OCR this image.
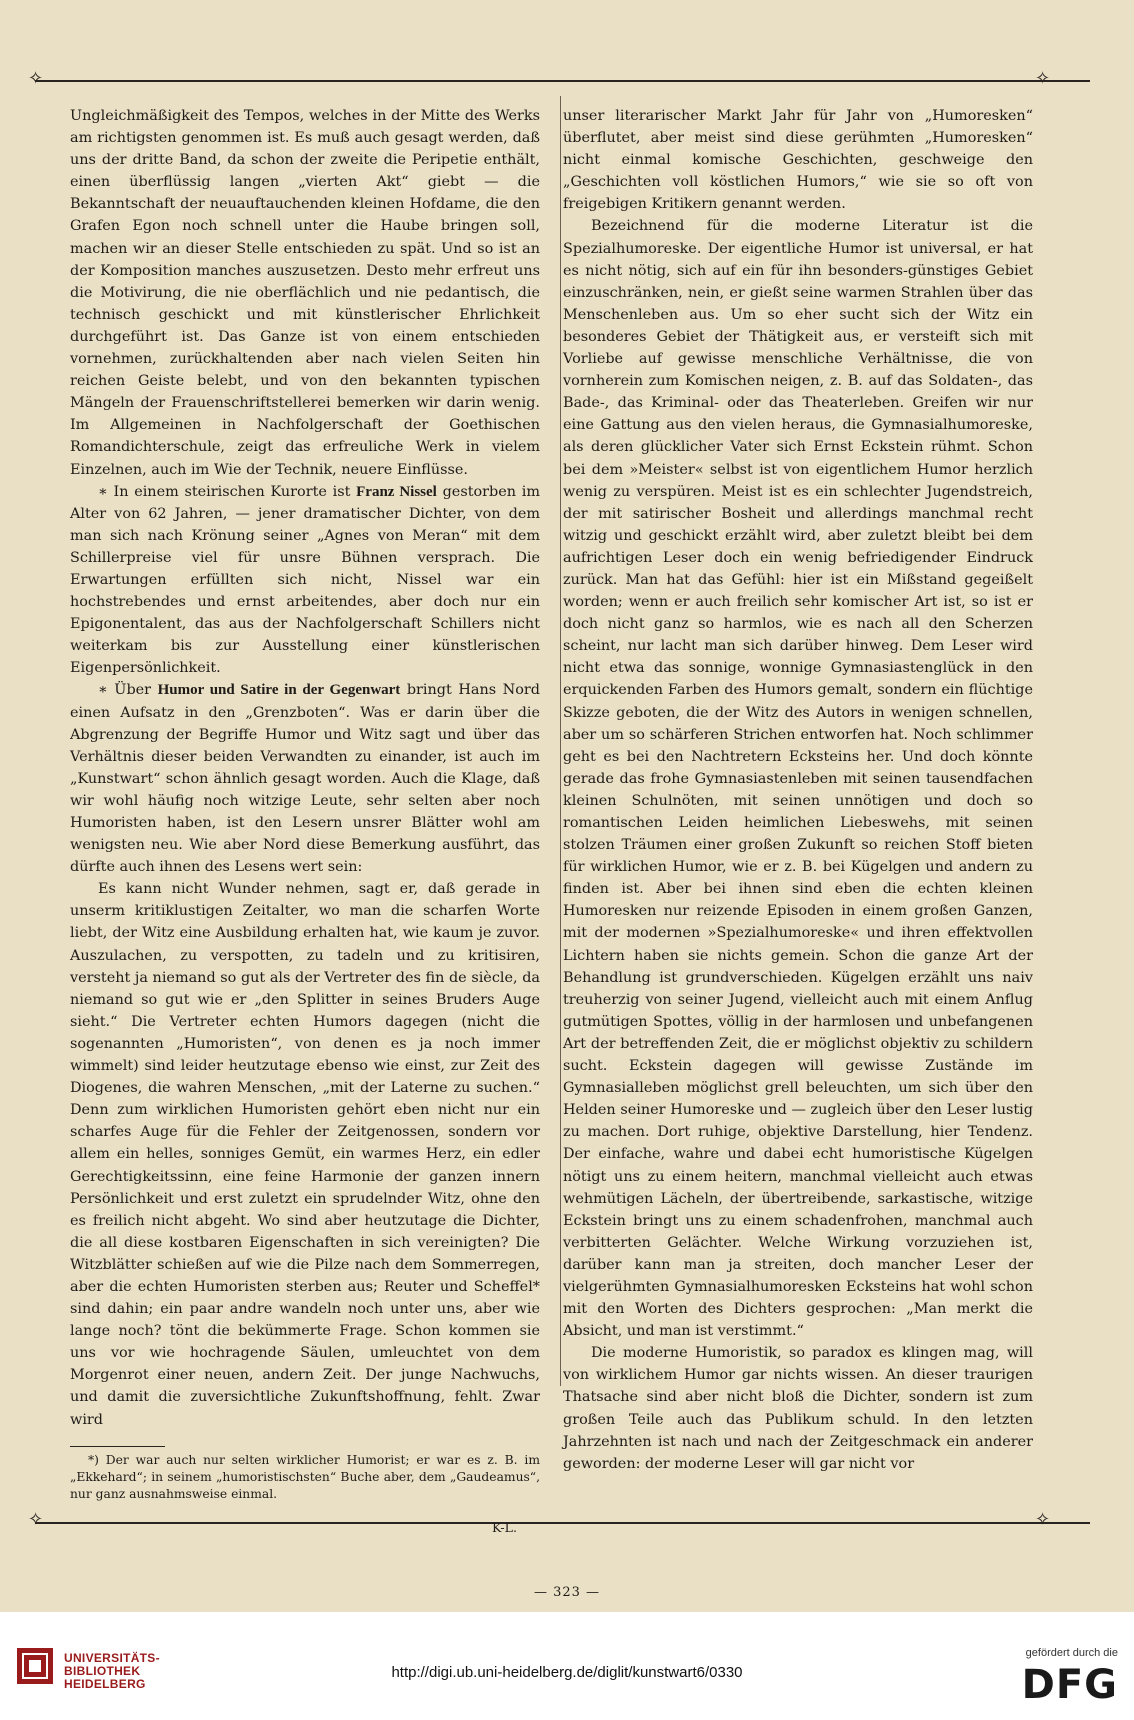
✧	✧
✧	✧

Ungleichmäßigkeit des Tempos, welches in der Mitte des Werks am richtigsten genommen ist. Es muß auch gesagt werden, daß uns der dritte Band, da schon der zweite die Peripetie enthält, einen überflüssig langen „vierten Akt“ giebt — die Bekanntschaft der neuauftauchenden kleinen Hofdame, die den Grafen Egon noch schnell unter die Haube bringen soll, machen wir an dieser Stelle entschieden zu spät. Und so ist an der Komposition manches auszusetzen. Desto mehr erfreut uns die Motivirung, die nie oberflächlich und nie pedantisch, die technisch geschickt und mit künstlerischer Ehrlichkeit durchgeführt ist. Das Ganze ist von einem entschieden vornehmen, zurückhaltenden aber nach vielen Seiten hin reichen Geiste belebt, und von den bekannten typischen Mängeln der Frauenschriftstellerei bemerken wir darin wenig. Im Allgemeinen in Nachfolgerschaft der Goethischen Romandichterschule, zeigt das erfreuliche Werk in vielem Einzelnen, auch im Wie der Technik, neuere Einflüsse.

∗ In einem steirischen Kurorte ist Franz Nissel gestorben im Alter von 62 Jahren, — jener dramatischer Dichter, von dem man sich nach Krönung seiner „Agnes von Meran“ mit dem Schillerpreise viel für unsre Bühnen versprach. Die Erwartungen erfüllten sich nicht, Nissel war ein hochstrebendes und ernst arbeitendes, aber doch nur ein Epigonentalent, das aus der Nachfolgerschaft Schillers nicht weiterkam bis zur Ausstellung einer künstlerischen Eigenpersönlichkeit.

∗ Über Humor und Satire in der Gegenwart bringt Hans Nord einen Aufsatz in den „Grenzboten“. Was er darin über die Abgrenzung der Begriffe Humor und Witz sagt und über das Verhältnis dieser beiden Verwandten zu einander, ist auch im „Kunstwart“ schon ähnlich gesagt worden. Auch die Klage, daß wir wohl häufig noch witzige Leute, sehr selten aber noch Humoristen haben, ist den Lesern unsrer Blätter wohl am wenigsten neu. Wie aber Nord diese Bemerkung ausführt, das dürfte auch ihnen des Lesens wert sein:

Es kann nicht Wunder nehmen, sagt er, daß gerade in unserm kritiklustigen Zeitalter, wo man die scharfen Worte liebt, der Witz eine Ausbildung erhalten hat, wie kaum je zuvor. Auszulachen, zu verspotten, zu tadeln und zu kritisiren, versteht ja niemand so gut als der Vertreter des fin de siècle, da niemand so gut wie er „den Splitter in seines Bruders Auge sieht.“ Die Vertreter echten Humors dagegen (nicht die sogenannten „Humoristen“, von denen es ja noch immer wimmelt) sind leider heutzutage ebenso wie einst, zur Zeit des Diogenes, die wahren Menschen, „mit der Laterne zu suchen.“ Denn zum wirklichen Humoristen gehört eben nicht nur ein scharfes Auge für die Fehler der Zeitgenossen, sondern vor allem ein helles, sonniges Gemüt, ein warmes Herz, ein edler Gerechtigkeitssinn, eine feine Harmonie der ganzen innern Persönlichkeit und erst zuletzt ein sprudelnder Witz, ohne den es freilich nicht abgeht. Wo sind aber heutzutage die Dichter, die all diese kostbaren Eigenschaften in sich vereinigten? Die Witzblätter schießen auf wie die Pilze nach dem Sommerregen, aber die echten Humoristen sterben aus; Reuter und Scheffel* sind dahin; ein paar andre wandeln noch unter uns, aber wie lange noch? tönt die bekümmerte Frage. Schon kommen sie uns vor wie hochragende Säulen, umleuchtet von dem Morgenrot einer neuen, andern Zeit. Der junge Nachwuchs, und damit die zuversichtliche Zukunftshoffnung, fehlt. Zwar wird

unser literarischer Markt Jahr für Jahr von „Humoresken“ überflutet, aber meist sind diese gerühmten „Humoresken“ nicht einmal komische Geschichten, geschweige den „Geschichten voll köstlichen Humors,“ wie sie so oft von freigebigen Kritikern genannt werden.

Bezeichnend für die moderne Literatur ist die Spezialhumoreske. Der eigentliche Humor ist universal, er hat es nicht nötig, sich auf ein für ihn besonders-günstiges Gebiet einzuschränken, nein, er gießt seine warmen Strahlen über das Menschenleben aus. Um so eher sucht sich der Witz ein besonderes Gebiet der Thätigkeit aus, er versteift sich mit Vorliebe auf gewisse menschliche Verhältnisse, die von vornherein zum Komischen neigen, z. B. auf das Soldaten-, das Bade-, das Kriminal- oder das Theaterleben. Greifen wir nur eine Gattung aus den vielen heraus, die Gymnasialhumoreske, als deren glücklicher Vater sich Ernst Eckstein rühmt. Schon bei dem »Meister« selbst ist von eigentlichem Humor herzlich wenig zu verspüren. Meist ist es ein schlechter Jugendstreich, der mit satirischer Bosheit und allerdings manchmal recht witzig und geschickt erzählt wird, aber zuletzt bleibt bei dem aufrichtigen Leser doch ein wenig befriedigender Eindruck zurück. Man hat das Gefühl: hier ist ein Mißstand gegeißelt worden; wenn er auch freilich sehr komischer Art ist, so ist er doch nicht ganz so harmlos, wie es nach all den Scherzen scheint, nur lacht man sich darüber hinweg. Dem Leser wird nicht etwa das sonnige, wonnige Gymnasiastenglück in den erquickenden Farben des Humors gemalt, sondern ein flüchtige Skizze geboten, die der Witz des Autors in wenigen schnellen, aber um so schärferen Strichen entworfen hat. Noch schlimmer geht es bei den Nachtretern Ecksteins her. Und doch könnte gerade das frohe Gymnasiastenleben mit seinen tausendfachen kleinen Schulnöten, mit seinen unnötigen und doch so romantischen Leiden heimlichen Liebeswehs, mit seinen stolzen Träumen einer großen Zukunft so reichen Stoff bieten für wirklichen Humor, wie er z. B. bei Kügelgen und andern zu finden ist. Aber bei ihnen sind eben die echten kleinen Humoresken nur reizende Episoden in einem großen Ganzen, mit der modernen »Spezialhumoreske« und ihren effektvollen Lichtern haben sie nichts gemein. Schon die ganze Art der Behandlung ist grundverschieden. Kügelgen erzählt uns naiv treuherzig von seiner Jugend, vielleicht auch mit einem Anflug gutmütigen Spottes, völlig in der harmlosen und unbefangenen Art der betreffenden Zeit, die er möglichst objektiv zu schildern sucht. Eckstein dagegen will gewisse Zustände im Gymnasialleben möglichst grell beleuchten, um sich über den Helden seiner Humoreske und — zugleich über den Leser lustig zu machen. Dort ruhige, objektive Darstellung, hier Tendenz. Der einfache, wahre und dabei echt humoristische Kügelgen nötigt uns zu einem heitern, manchmal vielleicht auch etwas wehmütigen Lächeln, der übertreibende, sarkastische, witzige Eckstein bringt uns zu einem schadenfrohen, manchmal auch verbitterten Gelächter. Welche Wirkung vorzuziehen ist, darüber kann man ja streiten, doch mancher Leser der vielgerühmten Gymnasialhumoresken Ecksteins hat wohl schon mit den Worten des Dichters gesprochen: „Man merkt die Absicht, und man ist verstimmt.“

Die moderne Humoristik, so paradox es klingen mag, will von wirklichem Humor gar nichts wissen. An dieser traurigen Thatsache sind aber nicht bloß die Dichter, sondern ist zum großen Teile auch das Publikum schuld. In den letzten Jahrzehnten ist nach und nach der Zeitgeschmack ein anderer geworden: der moderne Leser will gar nicht vor

*) Der war auch nur selten wirklicher Humorist; er war es z. B. im „Ekkehard“; in seinem „humoristischsten“ Buche aber, dem „Gaudeamus“, nur ganz ausnahmsweise einmal.

K-L.
— 323 —
UNIVERSITÄTS-
BIBLIOTHEK
HEIDELBERG
http://digi.ub.uni-heidelberg.de/diglit/kunstwart6/0330
gefördert durch die
DFG
